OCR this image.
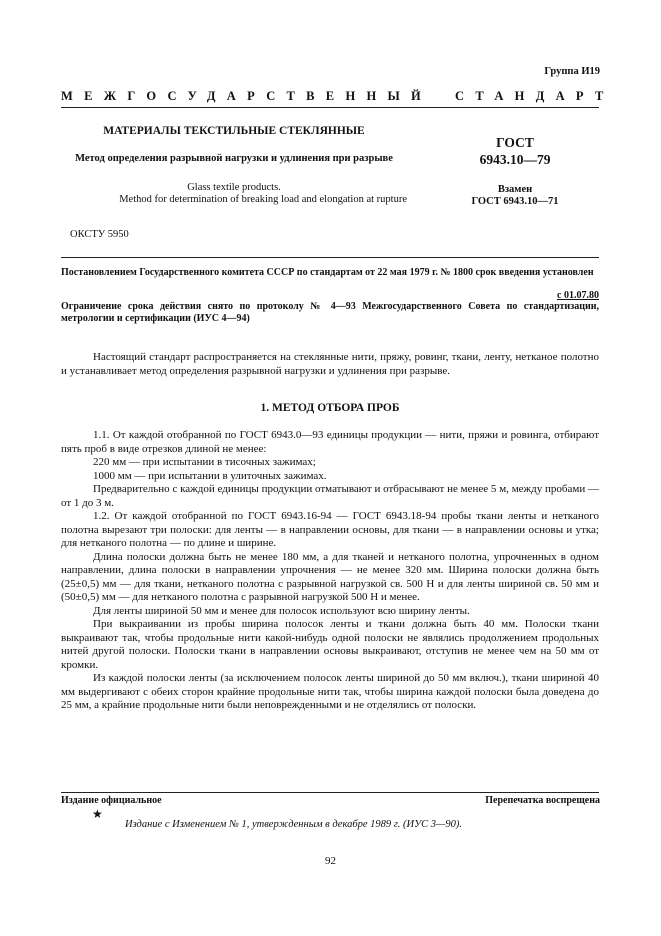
Группа И19
МЕЖГОСУДАРСТВЕННЫЙ СТАНДАРТ
МАТЕРИАЛЫ ТЕКСТИЛЬНЫЕ СТЕКЛЯННЫЕ
Метод определения разрывной нагрузки и удлинения при разрыве
Glass textile products.
Method for determination of breaking load and elongation at rupture
ОКСТУ 5950
ГОСТ
6943.10—79
Взамен
ГОСТ 6943.10—71
Постановлением Государственного комитета СССР по стандартам от 22 мая 1979 г. № 1800 срок введения установлен
с 01.07.80
Ограничение срока действия снято по протоколу № 4—93 Межгосударственного Совета по стандартизации, метрологии и сертификации (ИУС 4—94)
Настоящий стандарт распространяется на стеклянные нити, пряжу, ровинг, ткани, ленту, нетканое полотно и устанавливает метод определения разрывной нагрузки и удлинения при разрыве.
1. МЕТОД ОТБОРА ПРОБ

1.1. От каждой отобранной по ГОСТ 6943.0—93 единицы продукции — нити, пряжи и ровинга, отбирают пять проб в виде отрезков длиной не менее:

220 мм — при испытании в тисочных зажимах;

1000 мм — при испытании в улиточных зажимах.

Предварительно с каждой единицы продукции отматывают и отбрасывают не менее 5 м, между пробами — от 1 до 3 м.

1.2. От каждой отобранной по ГОСТ 6943.16-94 — ГОСТ 6943.18-94 пробы ткани ленты и нетканого полотна вырезают три полоски: для ленты — в направлении основы, для ткани — в направлении основы и утка; для нетканого полотна — по длине и ширине.

Длина полоски должна быть не менее 180 мм, а для тканей и нетканого полотна, упрочненных в одном направлении, длина полоски в направлении упрочнения — не менее 320 мм. Ширина полоски должна быть (25±0,5) мм — для ткани, нетканого полотна с разрывной нагрузкой св. 500 Н и для ленты шириной св. 50 мм и (50±0,5) мм — для нетканого полотна с разрывной нагрузкой 500 Н и менее.

Для ленты шириной 50 мм и менее для полосок используют всю ширину ленты.

При выкраивании из пробы ширина полосок ленты и ткани должна быть 40 мм. Полоски ткани выкраивают так, чтобы продольные нити какой-нибудь одной полоски не являлись продолжением продольных нитей другой полоски. Полоски ткани в направлении основы выкраивают, отступив не менее чем на 50 мм от кромки.

Из каждой полоски ленты (за исключением полосок ленты шириной до 50 мм включ.), ткани шириной 40 мм выдергивают с обеих сторон крайние продольные нити так, чтобы ширина каждой полоски была доведена до 25 мм, а крайние продольные нити были неповрежденными и не отделялись от полоски.

Издание официальное	Перепечатка воспрещена
★
Издание с Изменением № 1, утвержденным в декабре 1989 г. (ИУС 3—90).
92
